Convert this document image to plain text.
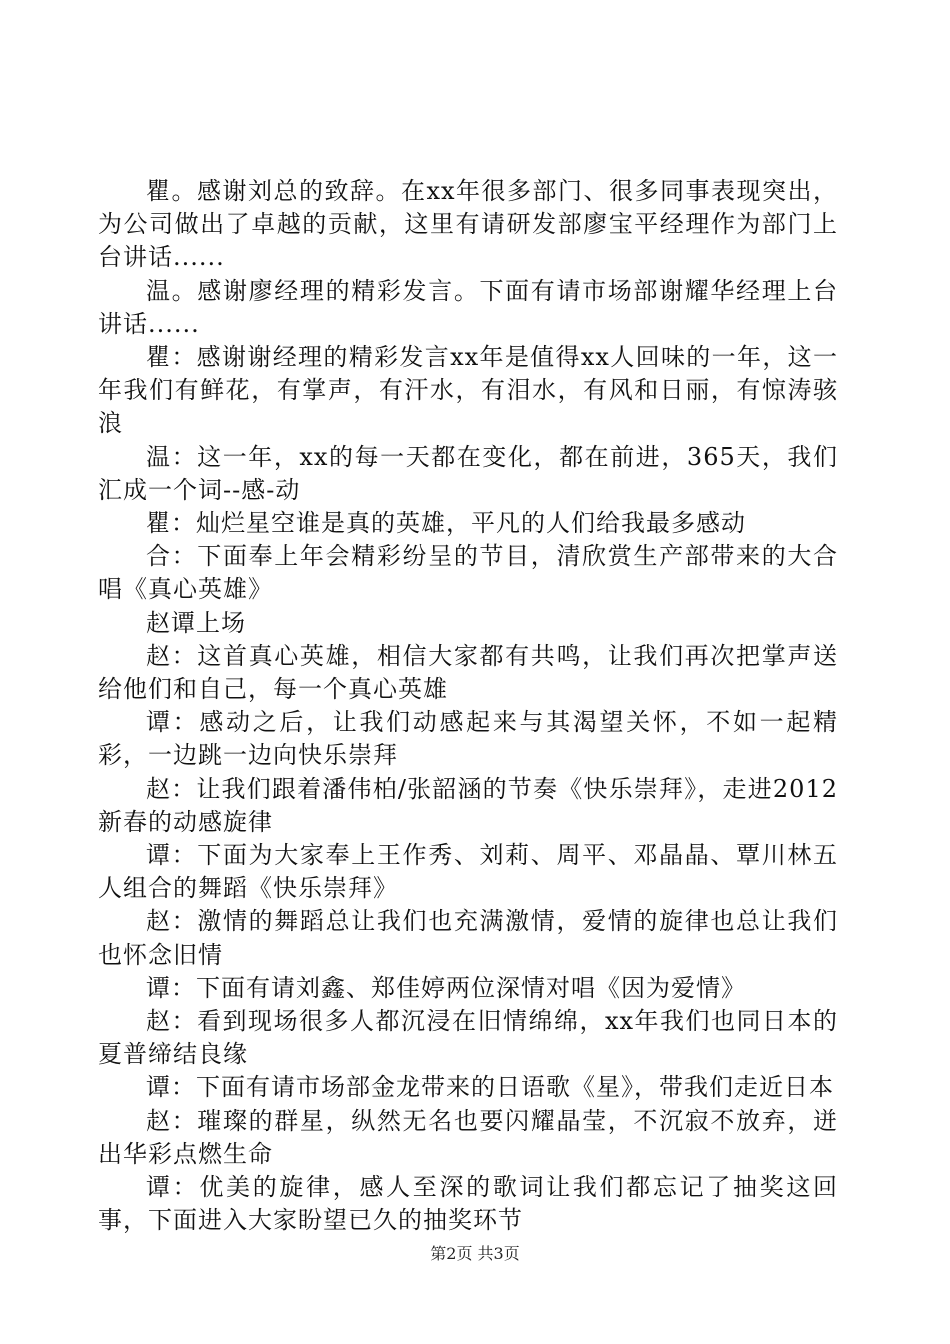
瞿。感谢刘总的致辞。在xx年很多部门、很多同事表现突出，为公司做出了卓越的贡献，这里有请研发部廖宝平经理作为部门上台讲话......

温。感谢廖经理的精彩发言。下面有请市场部谢耀华经理上台讲话......

瞿：感谢谢经理的精彩发言xx年是值得xx人回味的一年，这一年我们有鲜花，有掌声，有汗水，有泪水，有风和日丽，有惊涛骇浪

温：这一年，xx的每一天都在变化，都在前进，365天，我们汇成一个词--感-动

瞿：灿烂星空谁是真的英雄，平凡的人们给我最多感动

合：下面奉上年会精彩纷呈的节目，清欣赏生产部带来的大合唱《真心英雄》

赵谭上场

赵：这首真心英雄，相信大家都有共鸣，让我们再次把掌声送给他们和自己，每一个真心英雄

谭：感动之后，让我们动感起来与其渴望关怀，不如一起精彩，一边跳一边向快乐崇拜

赵：让我们跟着潘伟柏/张韶涵的节奏《快乐崇拜》，走进2012新春的动感旋律

谭：下面为大家奉上王作秀、刘莉、周平、邓晶晶、覃川林五人组合的舞蹈《快乐崇拜》

赵：激情的舞蹈总让我们也充满激情，爱情的旋律也总让我们也怀念旧情

谭：下面有请刘鑫、郑佳婷两位深情对唱《因为爱情》

赵：看到现场很多人都沉浸在旧情绵绵，xx年我们也同日本的夏普缔结良缘

谭：下面有请市场部金龙带来的日语歌《星》，带我们走近日本

赵：璀璨的群星，纵然无名也要闪耀晶莹，不沉寂不放弃，迸出华彩点燃生命

谭：优美的旋律，感人至深的歌词让我们都忘记了抽奖这回事，下面进入大家盼望已久的抽奖环节

第2页 共3页
